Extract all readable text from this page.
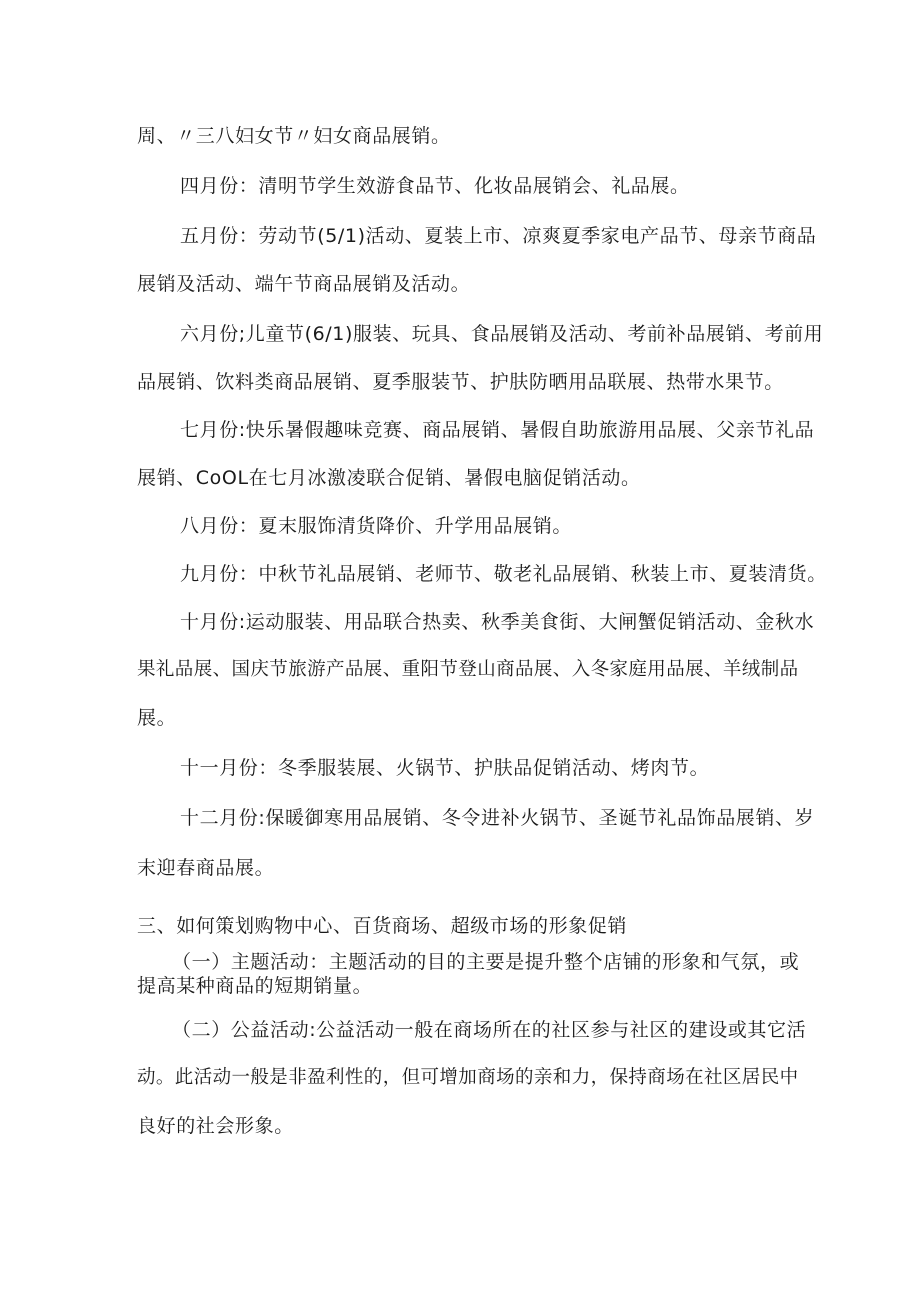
周、〃三八妇女节〃妇女商品展销。
四月份：清明节学生效游食品节、化妆品展销会、礼品展。
五月份：劳动节(5/1)活动、夏装上市、凉爽夏季家电产品节、母亲节商品
展销及活动、端午节商品展销及活动。
六月份;儿童节(6/1)服装、玩具、食品展销及活动、考前补品展销、考前用
品展销、饮料类商品展销、夏季服装节、护肤防晒用品联展、热带水果节。
七月份:快乐暑假趣味竞赛、商品展销、暑假自助旅游用品展、父亲节礼品
展销、CoOL在七月冰激凌联合促销、暑假电脑促销活动。
八月份：夏末服饰清货降价、升学用品展销。
九月份：中秋节礼品展销、老师节、敬老礼品展销、秋装上市、夏装清货。
十月份:运动服装、用品联合热卖、秋季美食街、大闸蟹促销活动、金秋水
果礼品展、国庆节旅游产品展、重阳节登山商品展、入冬家庭用品展、羊绒制品
展。
十一月份：冬季服装展、火锅节、护肤品促销活动、烤肉节。
十二月份:保暖御寒用品展销、冬令进补火锅节、圣诞节礼品饰品展销、岁
末迎春商品展。
三、如何策划购物中心、百货商场、超级市场的形象促销
（一）主题活动：主题活动的目的主要是提升整个店铺的形象和气氛，或
提高某种商品的短期销量。
（二）公益活动:公益活动一般在商场所在的社区参与社区的建设或其它活
动。此活动一般是非盈利性的，但可增加商场的亲和力，保持商场在社区居民中
良好的社会形象。
